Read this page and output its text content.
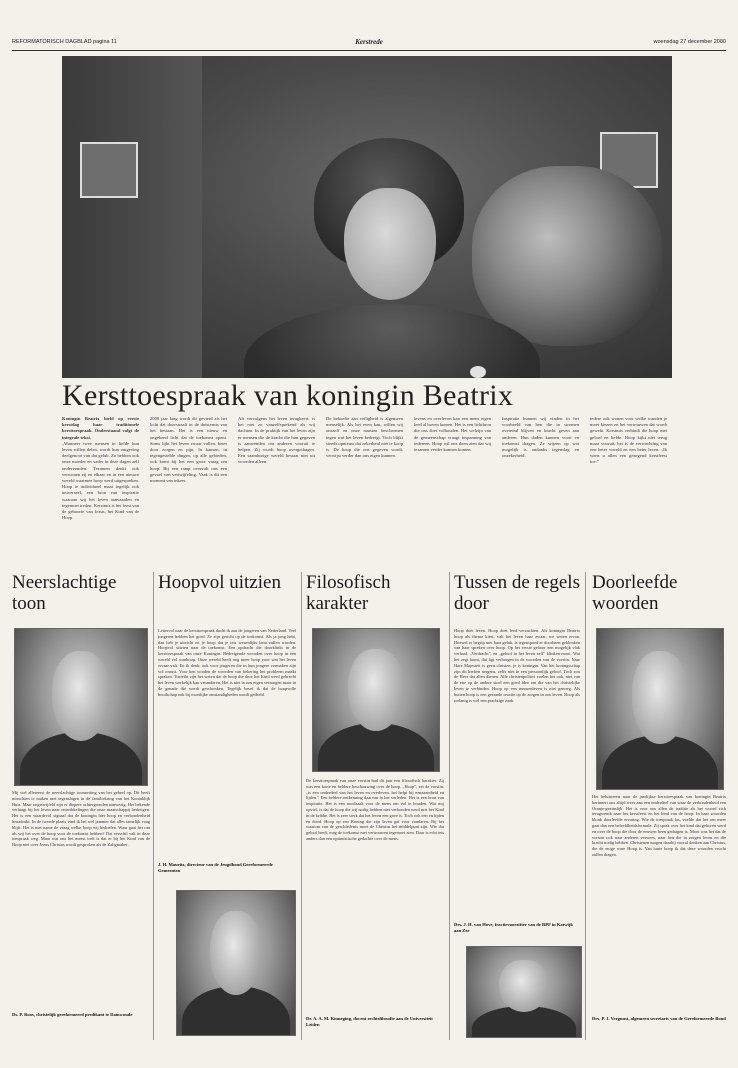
REFORMATORISCH DAGBLAD pagina 11	Kerstrede	woensdag 27 december 2000
Kersttoespraak van koningin Beatrix
Koningin Beatrix hield op eerste kerstdag haar traditionele kersttoespraak. Onderstaand volgt de integrale tekst.
„Wanneer twee mensen in liefde hun leven willen delen, wordt hun omgeving deelgenoot van dat geluk. Zo hebben ook onze moeder en vader in deze dagen zelf ondervonden. Tezamen denkt ook verwonen zij en elkaar en in een nieuwe wereld waarmee hoop werd uitgespreken. Hoop te individueel maar tegelijk ook universeel, een bron van inspiratie waaraan wij het leven aanvaarden en tegemoet treden. Kerstmis is het feest van de geboorte van Jezus, het Kind van de Hoop.
2000 jaar lang wordt dit gevierd als het licht dat doorstraalt in de duisternis van het bestaan. Het is een nieuw en ongekend licht dat de toekomst opent. Soms lijkt het leven zwaar vallen, beter door zorgen en pijn. In kansen, in tegengestelde dingen, op alle gebieden, ook komt bij het een grote vraag om hoop. Bij een ramp overvalt ons een gevoel van vertwijfeling. Vaak is dit een moment van inkeer.
Als vervolgens het leven terugkeert, is het niet zo vanzelfsprekend als wij dachten. In de praktijk van het leven zijn er mensen die de kracht die hun gegeven is aanwenden om anderen vooruit te helpen. Zij wordt hoop overgedragen. Een saamhorige wereld bestaat niet uit woorden alleen.
De behoefte aan veiligheid is algemeen menselijk. Als het even kan, willen wij onszelf en onze naasten beschermen tegen wat het leven bedreigt. Toch blijkt steeds opnieuw dat zekerheid niet te koop is. De hoop die ons gegeven wordt, verwijst verder dan ons eigen kunnen.
levens en overleven kan een mens eigen leed al boven komen. Het is een lichtbron die ons doet volhouden. Het welzijn van de gemeenschap vraagt inspanning van iedereen. Hoop wil ons doen zien dat wij tezamen verder kunnen komen.
Inspiratie kunnen wij vinden in het voorbeeld van hen die in stormen overeind blijven en kracht geven aan anderen. Hun daden kunnen voort en toekomst dragen. Ze wijzen op wat mogelijk is ondanks tegenslag en onzekerheid.
iedere ook wonen voor welke wanden je moet kiezen en het vertrouwen dat wordt gewekt. Kerstmis verbindt die hoop met geloof en liefde. Hoop kijkt niet terug maar vooruit, het is de verwachting van een beter wereld en een beter leven. „Ik wens u allen een gezegend kerstfeest toe.”
Neerslachtige toon
Mij viel allereerst de neerslachtige toonzetting van het geheel op. Dit heeft misschien te maken met tegenslagen in de familiekring van het Koninklijk Huis. Maar ongetwijfeld zijn er diepere achtergronden aanwezig. Het bekende verlangt bij het leven naar ontwikkelingen die onze maatschappij bedreigen. Het is een waardevol signaal dat de koningin hier hoop en verbondenheid benadrukt. In de tweede plaats vind ik het wel jammer dat alles tamelijk vaag blijft. Het is met name de vraag welke hoop wij bedoelen. Waar gaat het om als wij het over de hoop voor de toekomst hebben? Dat verschil valt in deze toespraak weg. Maar wat ons het meest treft is dat er bij het Kind van de Hoop niet over Jezus Christus wordt gesproken als de Zaligmaker.
Ds. P. Roos, christelijk gereformeerd predikant te Damwoude
Hoopvol uitzien
Lettervol naar de kersttoespraak dacht ik aan de jongeren van Nederland. Veel jongeren hebben het goed. Ze zijn gericht op de toekomst. Als ja jong hebt, dan heb je uitzicht en je hoop dat je iets wezenlijks bent zullen worden. Hoopvol uitzien naar de toekomst. Een opdracht die doorklinkt in de kersttoespraak van onze Koningin. Bedreigende woorden over hoop in een wereld vol wanhoop. Onze wereld heeft nog meer hoop voor wat het leven ervaar valt. En ik denk: ook voor jongeren die in hun jongere vermaken zijn vol onrust. Voor hen worden de woorden van bekering het probleem maakt spraken. Toereikt zijn het weten dat de hoop die door het Kind werd gebracht het leven werkelijk kan veranderen. Het is niet in ons eigen vermogen maar in de genade die wordt geschonken. Tegelijk besef ik dat de hoopvolle boodschap ook bij moeilijke omstandigheden wordt gedeeld.
J. H. Mauritz, directeur van de Jeugdbond Gereformeerde Gemeenten
Filosofisch karakter
De kersttoespraak van onze vorstin had dit jaar een filosofisch karakter. Zij was een korte en heldere beschouwing over de hoop. „Hoop”, zei de vorstin, „is een onderdeel van het leven en overleven, het helpt bij eenzaamheid en lijden.” Een heldere ontkenning daarvan in het verleden. Het is een bron van inspiratie. Het is een noodzaak voor de mens om vol te houden. Wat mij opviel, is dat de hoop die wij nodig hebben niet verbonden werd met het Kind in de kribbe. Het is zeer sterk dat het leven een gave is. Toch ook een en lijden en dood. Hoop op een Koning die zijn leven gaf voor zondaren. Bij het waarom van de geschiedenis moet de Christus het middelpunt zijn. Wie dat geloof heeft, mag de toekomst met vertrouwen tegemoet zien. Daar is echt iets anders dan een optimistische gedachte over de mens.
Dr. A. A. M. Kinneging, docent rechtsfilosofie aan de Universiteit Leiden
Tussen de regels door
Hoop doet leven. Hoop doet leed verzachten. Als koningin Beatrix hoop als thema kiest, valt het leven haar zwaar, we weten ervan. Hoewel er begrip met haar geluk, is tegenspoed er doorheen geklonken van haar spreken over hoop. Op het eerste gehoor een mogelijk vlak verhaal. „Verdracht”, en „geloof in het leven zelf” klinken mooi. Wat het zegt komt, dat ligt verborgen in de woorden van de vorstin. Naar Hare Majesteit is geen christen, je is koningin. Van het koningsschap zijn dit kerken nergens, zelfs niet in een persoonlijk geloof. Toch zou de Heer dat allen dienen. Alle christenpolitici voelen het ook, niet van de ene op de andere stoel een goed idee om die van het christelijke leven te verbinden. Hoop op een mensenleven is niet genoeg. Als buiten hoop is een gezonde reactie op de zorgen in ons leven. Hoop als zodanig is wel een prachtige zaak.
Drs. J. H. van Hove, fractievoorzitter van de RPF in Katwijk aan Zee
Doorleefde woorden
Het beluisteren naar de jaarlijkse kersttoespraak van koningin Beatrix herinnert ons altijd weer aan een onderdeel van waar de verbondenheid een Oranje-gezinslijk. Het is voor ons allen de traditie als het woord zich terugwendt naar het kerstfeest en het kind van de hoop. In haar woorden klonk doorleefde ervaring. Wie de toespraak las, voelde dat het om meer gaat dan een beleefdheidsformule. Zij sprak over het kind dat geboren werd en over de hoop die door de eeuwen heen gedragen is. Mooi was het dat de vorstin ook naar anderen verwees, naar hen die in zorgen leven en die kracht nodig hebben. Christenen mogen daarbij vooral denken aan Christus, die de enige ware Hoop is. Van harte hoop ik dat deze woorden vrucht zullen dragen.
Drs. P. J. Vergunst, algemeen secretaris van de Gereformeerde Bond
